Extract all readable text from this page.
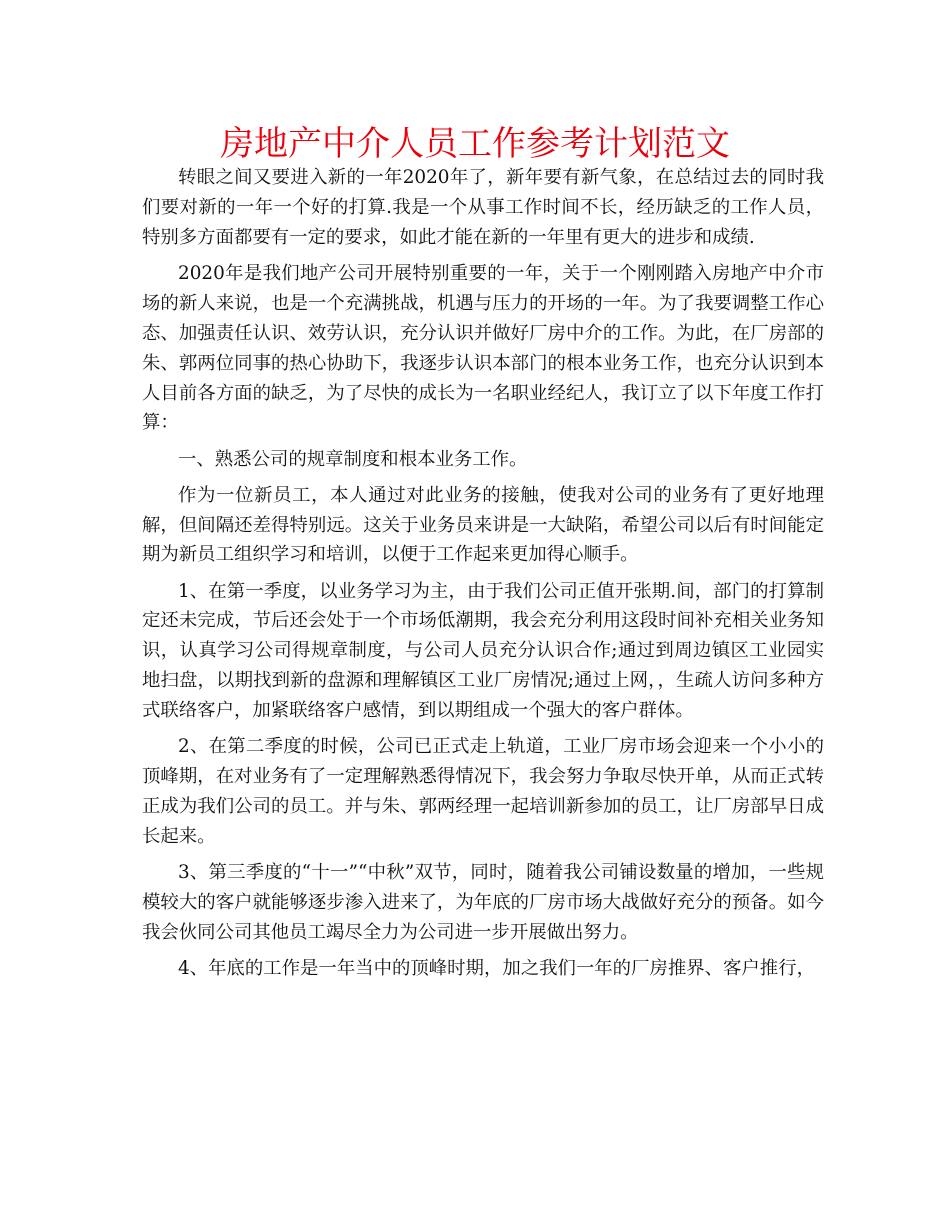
房地产中介人员工作参考计划范文

转眼之间又要进入新的一年2020年了，新年要有新气象，在总结过去的同时我们要对新的一年一个好的打算.我是一个从事工作时间不长，经历缺乏的工作人员，特别多方面都要有一定的要求，如此才能在新的一年里有更大的进步和成绩.

2020年是我们地产公司开展特别重要的一年，关于一个刚刚踏入房地产中介市场的新人来说，也是一个充满挑战，机遇与压力的开场的一年。为了我要调整工作心态、加强责任认识、效劳认识，充分认识并做好厂房中介的工作。为此，在厂房部的朱、郭两位同事的热心协助下，我逐步认识本部门的根本业务工作，也充分认识到本人目前各方面的缺乏，为了尽快的成长为一名职业经纪人，我订立了以下年度工作打算：

一、熟悉公司的规章制度和根本业务工作。

作为一位新员工，本人通过对此业务的接触，使我对公司的业务有了更好地理解，但间隔还差得特别远。这关于业务员来讲是一大缺陷，希望公司以后有时间能定期为新员工组织学习和培训，以便于工作起来更加得心顺手。

1、在第一季度，以业务学习为主，由于我们公司正值开张期.间，部门的打算制定还未完成，节后还会处于一个市场低潮期，我会充分利用这段时间补充相关业务知识，认真学习公司得规章制度，与公司人员充分认识合作;通过到周边镇区工业园实地扫盘，以期找到新的盘源和理解镇区工业厂房情况;通过上网，，生疏人访问多种方式联络客户，加紧联络客户感情，到以期组成一个强大的客户群体。

2、在第二季度的时候，公司已正式走上轨道，工业厂房市场会迎来一个小小的顶峰期，在对业务有了一定理解熟悉得情况下，我会努力争取尽快开单，从而正式转正成为我们公司的员工。并与朱、郭两经理一起培训新参加的员工，让厂房部早日成长起来。

3、第三季度的“十一”“中秋”双节，同时，随着我公司铺设数量的增加，一些规模较大的客户就能够逐步渗入进来了，为年底的厂房市场大战做好充分的预备。如今我会伙同公司其他员工竭尽全力为公司进一步开展做出努力。

4、年底的工作是一年当中的顶峰时期，加之我们一年的厂房推界、客户推行，
